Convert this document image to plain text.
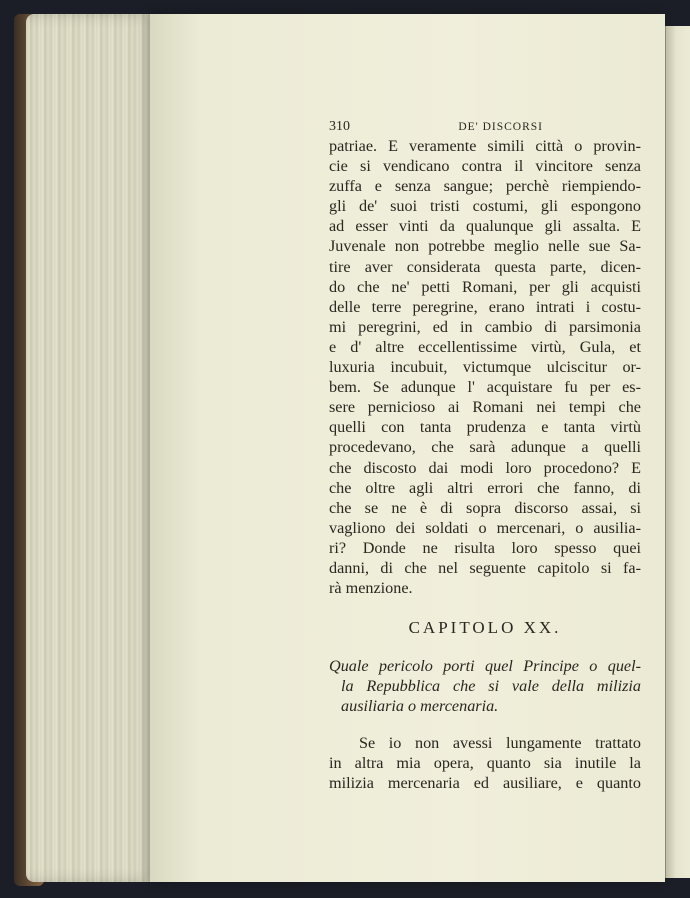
310	DE' DISCORSI
patriae. E veramente simili città o provin-
cie si vendicano contra il vincitore senza
zuffa e senza sangue; perchè riempiendo-
gli de' suoi tristi costumi, gli espongono
ad esser vinti da qualunque gli assalta. E
Juvenale non potrebbe meglio nelle sue Sa-
tire aver considerata questa parte, dicen-
do che ne' petti Romani, per gli acquisti
delle terre peregrine, erano intrati i costu-
mi peregrini, ed in cambio di parsimonia
e d' altre eccellentissime virtù, Gula, et
luxuria incubuit, victumque ulciscitur or-
bem. Se adunque l' acquistare fu per es-
sere pernicioso ai Romani nei tempi che
quelli con tanta prudenza e tanta virtù
procedevano, che sarà adunque a quelli
che discosto dai modi loro procedono? E
che oltre agli altri errori che fanno, di
che se ne è di sopra discorso assai, si
vagliono dei soldati o mercenari, o ausilia-
ri? Donde ne risulta loro spesso quei
danni, di che nel seguente capitolo si fa-
rà menzione.
CAPITOLO XX.
Quale pericolo porti quel Principe o quel-
la Repubblica che si vale della milizia
ausiliaria o mercenaria.
Se io non avessi lungamente trattato
in altra mia opera, quanto sia inutile la
milizia mercenaria ed ausiliare, e quanto
